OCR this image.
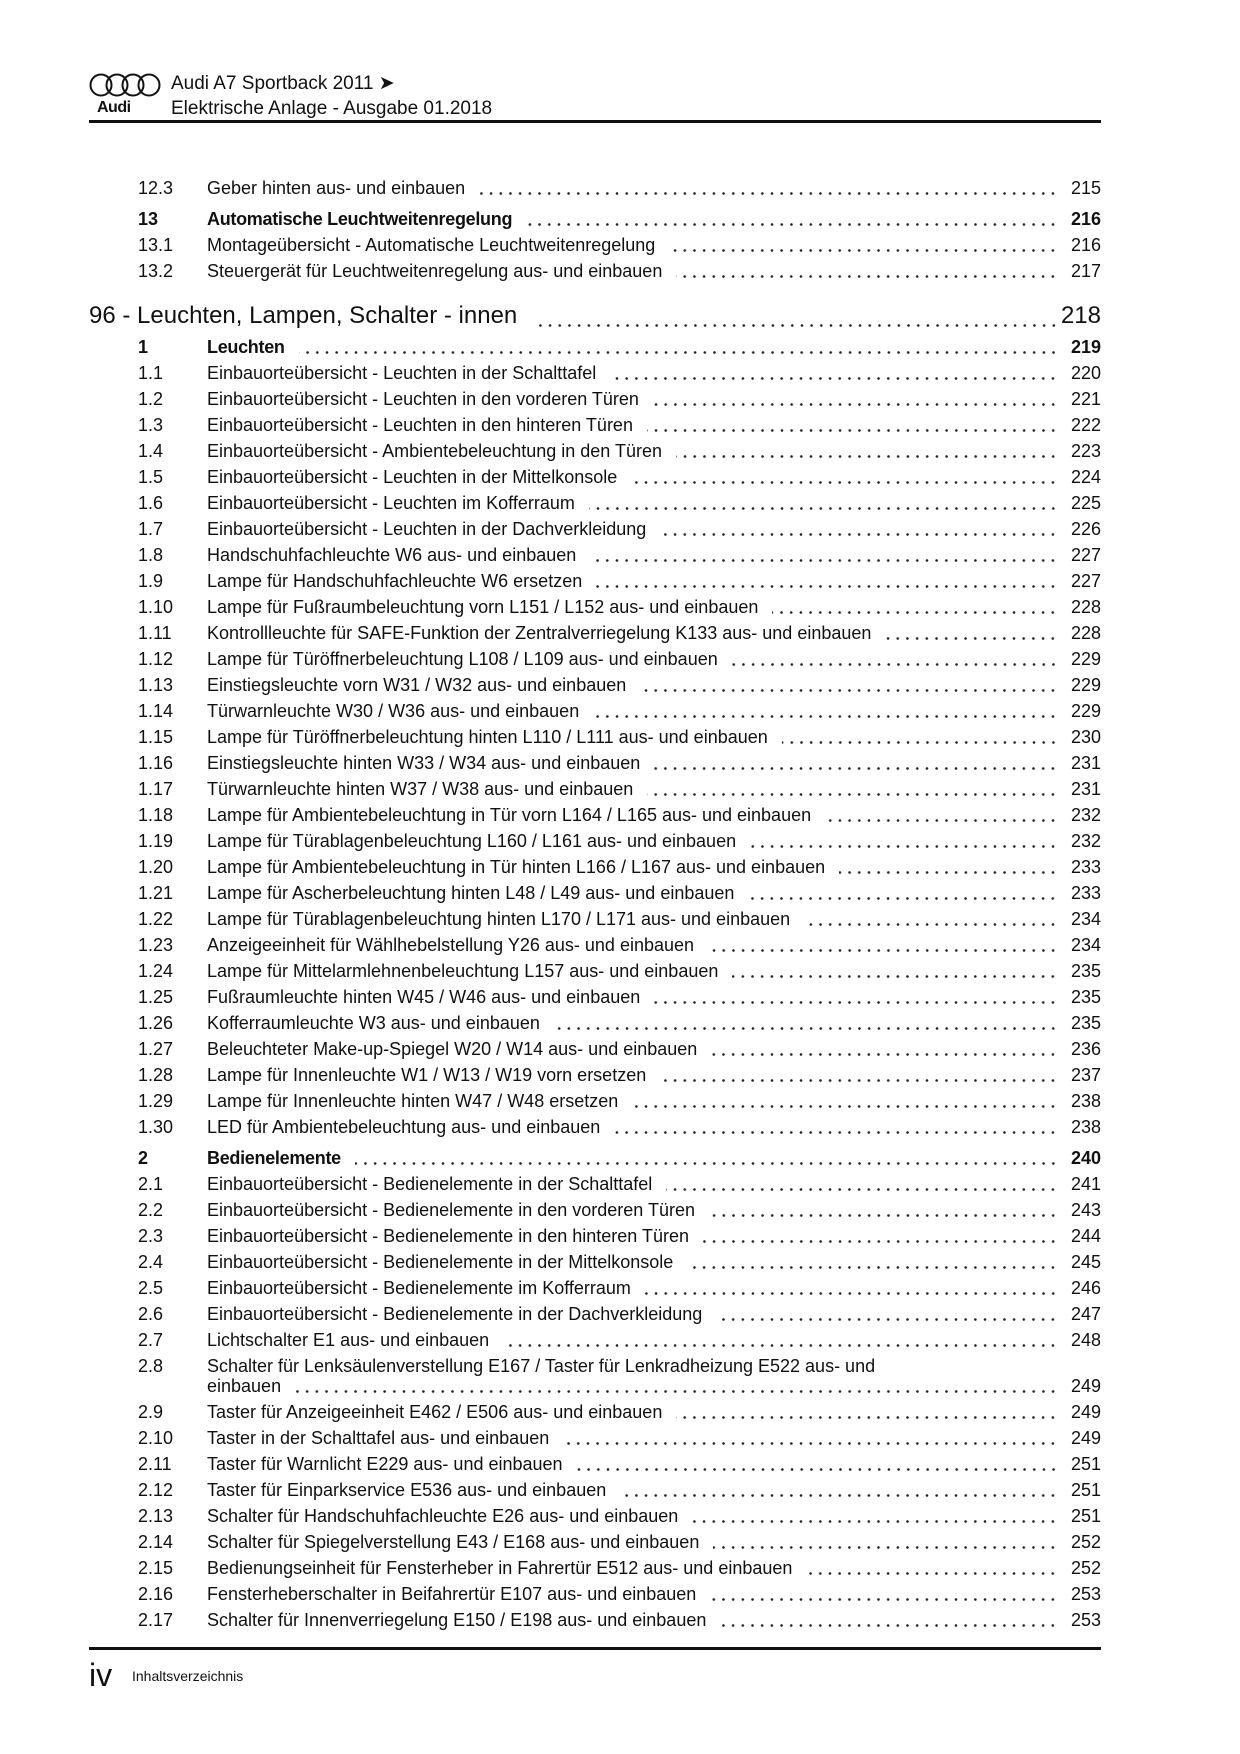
Audi
Audi A7 Sportback 2011 ➤
Elektrische Anlage - Ausgabe 01.2018
12.3	Geber hinten aus- und einbauen	215
13	Automatische Leuchtweitenregelung	216
13.1	Montageübersicht - Automatische Leuchtweitenregelung	216
13.2	Steuergerät für Leuchtweitenregelung aus- und einbauen	217
96 - Leuchten, Lampen, Schalter - innen	218
1	Leuchten	219
1.1	Einbauorteübersicht - Leuchten in der Schalttafel	220
1.2	Einbauorteübersicht - Leuchten in den vorderen Türen	221
1.3	Einbauorteübersicht - Leuchten in den hinteren Türen	222
1.4	Einbauorteübersicht - Ambientebeleuchtung in den Türen	223
1.5	Einbauorteübersicht - Leuchten in der Mittelkonsole	224
1.6	Einbauorteübersicht - Leuchten im Kofferraum	225
1.7	Einbauorteübersicht - Leuchten in der Dachverkleidung	226
1.8	Handschuhfachleuchte W6 aus- und einbauen	227
1.9	Lampe für Handschuhfachleuchte W6 ersetzen	227
1.10	Lampe für Fußraumbeleuchtung vorn L151 / L152 aus- und einbauen	228
1.11	Kontrollleuchte für SAFE-Funktion der Zentralverriegelung K133 aus- und einbauen	228
1.12	Lampe für Türöffnerbeleuchtung L108 / L109 aus- und einbauen	229
1.13	Einstiegsleuchte vorn W31 / W32 aus- und einbauen	229
1.14	Türwarnleuchte W30 / W36 aus- und einbauen	229
1.15	Lampe für Türöffnerbeleuchtung hinten L110 / L111 aus- und einbauen	230
1.16	Einstiegsleuchte hinten W33 / W34 aus- und einbauen	231
1.17	Türwarnleuchte hinten W37 / W38 aus- und einbauen	231
1.18	Lampe für Ambientebeleuchtung in Tür vorn L164 / L165 aus- und einbauen	232
1.19	Lampe für Türablagenbeleuchtung L160 / L161 aus- und einbauen	232
1.20	Lampe für Ambientebeleuchtung in Tür hinten L166 / L167 aus- und einbauen	233
1.21	Lampe für Ascherbeleuchtung hinten L48 / L49 aus- und einbauen	233
1.22	Lampe für Türablagenbeleuchtung hinten L170 / L171 aus- und einbauen	234
1.23	Anzeigeeinheit für Wählhebelstellung Y26 aus- und einbauen	234
1.24	Lampe für Mittelarmlehnenbeleuchtung L157 aus- und einbauen	235
1.25	Fußraumleuchte hinten W45 / W46 aus- und einbauen	235
1.26	Kofferraumleuchte W3 aus- und einbauen	235
1.27	Beleuchteter Make-up-Spiegel W20 / W14 aus- und einbauen	236
1.28	Lampe für Innenleuchte W1 / W13 / W19 vorn ersetzen	237
1.29	Lampe für Innenleuchte hinten W47 / W48 ersetzen	238
1.30	LED für Ambientebeleuchtung aus- und einbauen	238
2	Bedienelemente	240
2.1	Einbauorteübersicht - Bedienelemente in der Schalttafel	241
2.2	Einbauorteübersicht - Bedienelemente in den vorderen Türen	243
2.3	Einbauorteübersicht - Bedienelemente in den hinteren Türen	244
2.4	Einbauorteübersicht - Bedienelemente in der Mittelkonsole	245
2.5	Einbauorteübersicht - Bedienelemente im Kofferraum	246
2.6	Einbauorteübersicht - Bedienelemente in der Dachverkleidung	247
2.7	Lichtschalter E1 aus- und einbauen	248
2.8	Schalter für Lenksäulenverstellung E167 / Taster für Lenkradheizung E522 aus- und
einbauen	249
2.9	Taster für Anzeigeeinheit E462 / E506 aus- und einbauen	249
2.10	Taster in der Schalttafel aus- und einbauen	249
2.11	Taster für Warnlicht E229 aus- und einbauen	251
2.12	Taster für Einparkservice E536 aus- und einbauen	251
2.13	Schalter für Handschuhfachleuchte E26 aus- und einbauen	251
2.14	Schalter für Spiegelverstellung E43 / E168 aus- und einbauen	252
2.15	Bedienungseinheit für Fensterheber in Fahrertür E512 aus- und einbauen	252
2.16	Fensterheberschalter in Beifahrertür E107 aus- und einbauen	253
2.17	Schalter für Innenverriegelung E150 / E198 aus- und einbauen	253
iv Inhaltsverzeichnis
